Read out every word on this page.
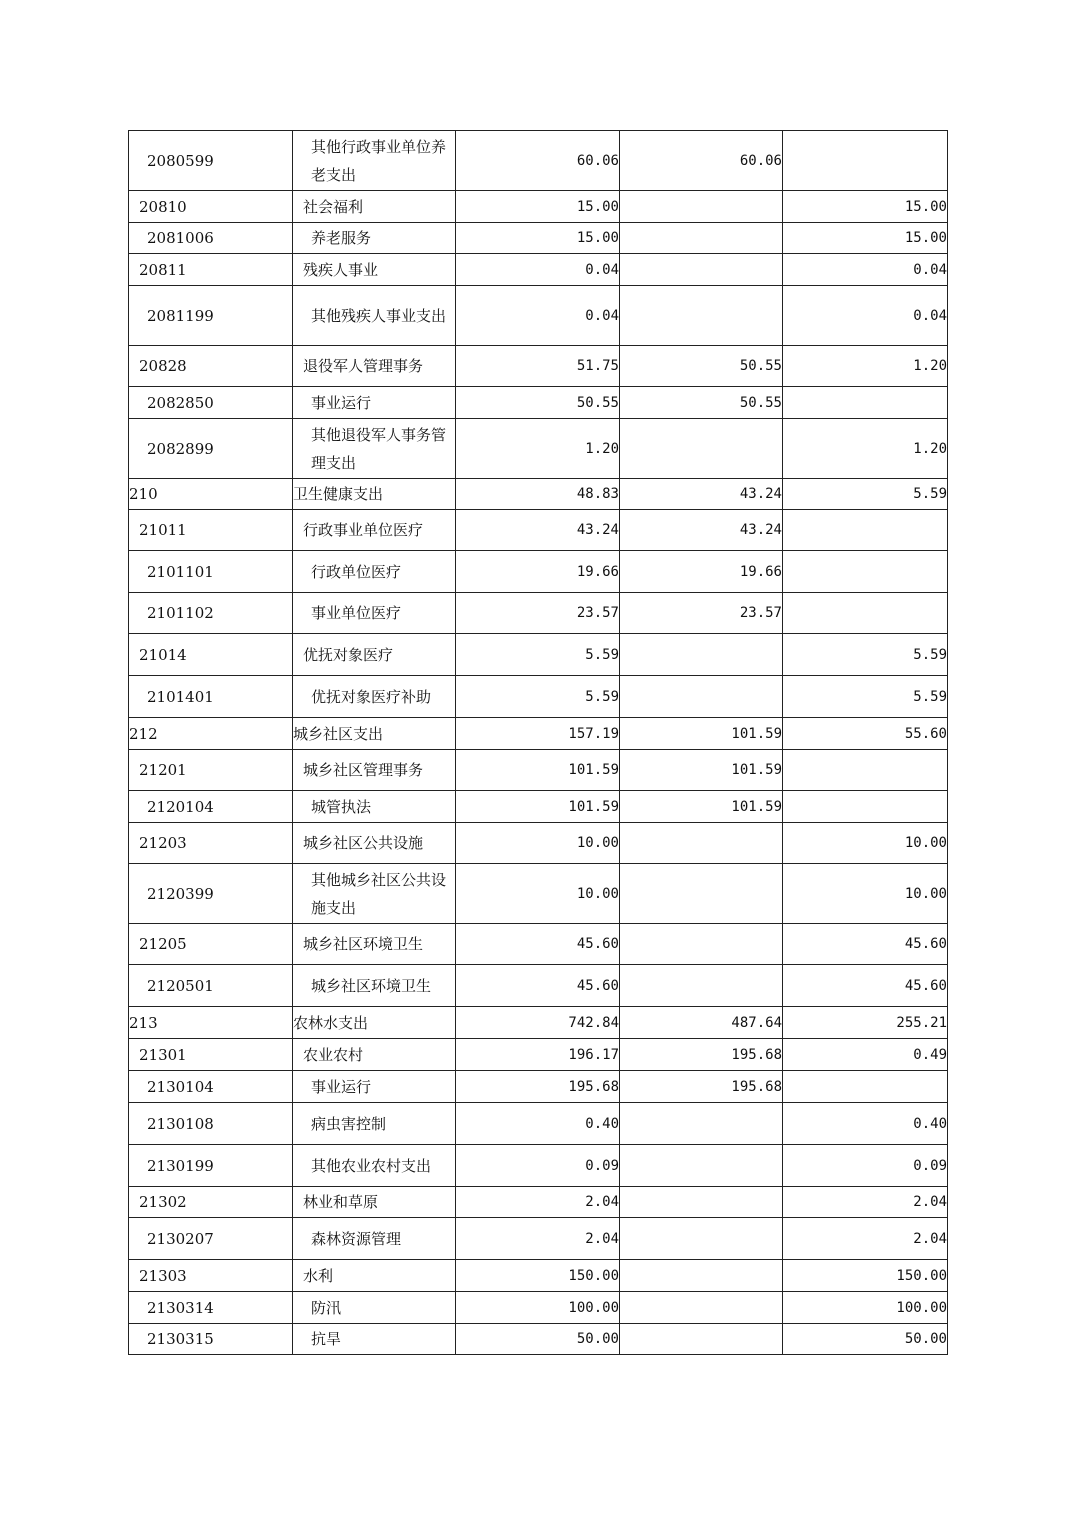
2080599	其他行政事业单位养老支出	60.06	60.06	
20810	社会福利	15.00		15.00
2081006	养老服务	15.00		15.00
20811	残疾人事业	0.04		0.04
2081199	其他残疾人事业支出	0.04		0.04
20828	退役军人管理事务	51.75	50.55	1.20
2082850	事业运行	50.55	50.55	
2082899	其他退役军人事务管理支出	1.20		1.20
210	卫生健康支出	48.83	43.24	5.59
21011	行政事业单位医疗	43.24	43.24	
2101101	行政单位医疗	19.66	19.66	
2101102	事业单位医疗	23.57	23.57	
21014	优抚对象医疗	5.59		5.59
2101401	优抚对象医疗补助	5.59		5.59
212	城乡社区支出	157.19	101.59	55.60
21201	城乡社区管理事务	101.59	101.59	
2120104	城管执法	101.59	101.59	
21203	城乡社区公共设施	10.00		10.00
2120399	其他城乡社区公共设施支出	10.00		10.00
21205	城乡社区环境卫生	45.60		45.60
2120501	城乡社区环境卫生	45.60		45.60
213	农林水支出	742.84	487.64	255.21
21301	农业农村	196.17	195.68	0.49
2130104	事业运行	195.68	195.68	
2130108	病虫害控制	0.40		0.40
2130199	其他农业农村支出	0.09		0.09
21302	林业和草原	2.04		2.04
2130207	森林资源管理	2.04		2.04
21303	水利	150.00		150.00
2130314	防汛	100.00		100.00
2130315	抗旱	50.00		50.00
